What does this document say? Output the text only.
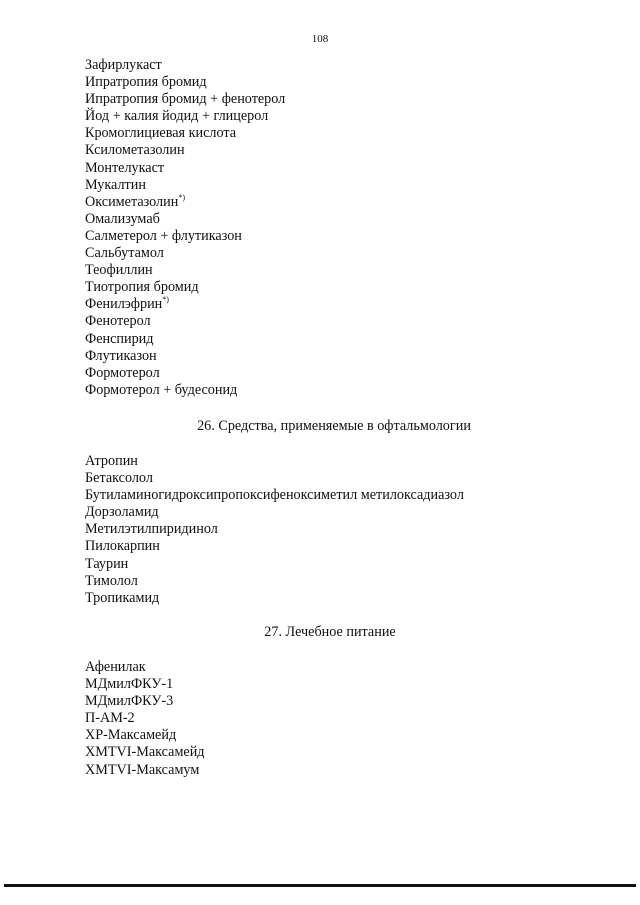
108
Зафирлукаст
Ипратропия бромид
Ипратропия бромид + фенотерол
Йод + калия йодид + глицерол
Кромоглициевая кислота
Ксилометазолин
Монтелукаст
Мукалтин
Оксиметазолин*)
Омализумаб
Салметерол + флутиказон
Сальбутамол
Теофиллин
Тиотропия бромид
Фенилэфрин*)
Фенотерол
Фенспирид
Флутиказон
Формотерол
Формотерол + будесонид
26. Средства, применяемые в офтальмологии
Атропин
Бетаксолол
Бутиламиногидроксипропоксифеноксиметил метилоксадиазол
Дорзоламид
Метилэтилпиридинол
Пилокарпин
Таурин
Тимолол
Тропикамид
27. Лечебное питание
Афенилак
МДмилФКУ-1
МДмилФКУ-3
П-АМ-2
ХР-Максамейд
ХМТVI-Максамейд
ХМТVI-Максамум
